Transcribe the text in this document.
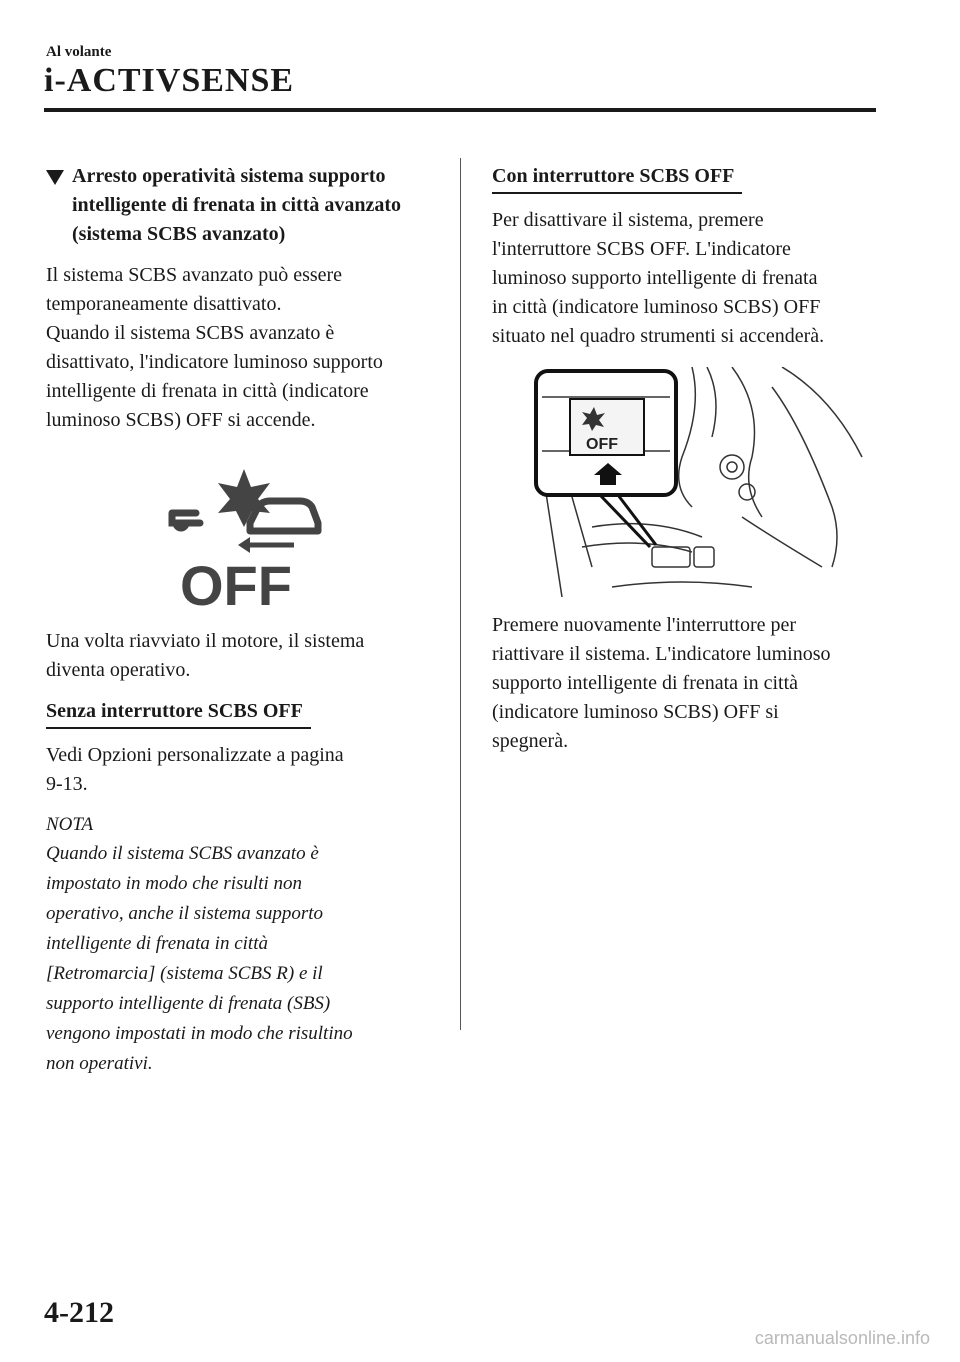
Al volante
i-ACTIVSENSE
Arresto operatività sistema supporto intelligente di frenata in città avanzato (sistema SCBS avanzato)

Il sistema SCBS avanzato può essere

temporaneamente disattivato.

Quando il sistema SCBS avanzato è

disattivato, l'indicatore luminoso supporto

intelligente di frenata in città (indicatore

luminoso SCBS) OFF si accende.

OFF

Una volta riavviato il motore, il sistema

diventa operativo.

Senza interruttore SCBS OFF

Vedi Opzioni personalizzate a pagina

9-13.

NOTA
Quando il sistema SCBS avanzato è
impostato in modo che risulti non
operativo, anche il sistema supporto
intelligente di frenata in città
[Retromarcia] (sistema SCBS R) e il
supporto intelligente di frenata (SBS)
vengono impostati in modo che risultino
non operativi.
Con interruttore SCBS OFF

Per disattivare il sistema, premere

l'interruttore SCBS OFF. L'indicatore

luminoso supporto intelligente di frenata

in città (indicatore luminoso SCBS) OFF

situato nel quadro strumenti si accenderà.

OFF

Premere nuovamente l'interruttore per

riattivare il sistema. L'indicatore luminoso

supporto intelligente di frenata in città

(indicatore luminoso SCBS) OFF si

spegnerà.

4-212
carmanualsonline.info
